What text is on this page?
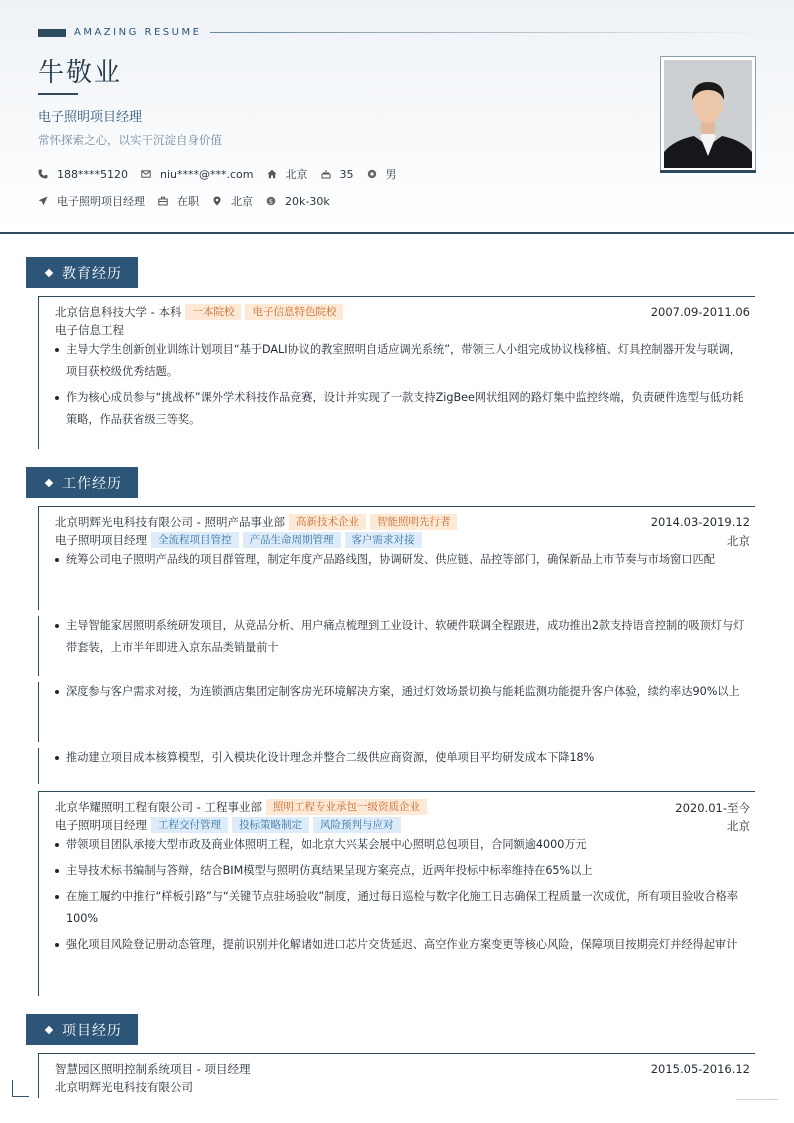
AMAZING RESUME
牛敬业
电子照明项目经理
常怀探索之心，以实干沉淀自身价值
188****5120	niu****@***.com	北京	35	男
电子照明项目经理	在职	北京 $ 20k-30k
教育经历
北京信息科技大学 - 本科	一本院校	电子信息特色院校	2007.09-2011.06
电子信息工程
主导大学生创新创业训练计划项目“基于DALI协议的教室照明自适应调光系统”，带领三人小组完成协议栈移植、灯具控制器开发与联调，项目获校级优秀结题。
作为核心成员参与“挑战杯”课外学术科技作品竞赛，设计并实现了一款支持ZigBee网状组网的路灯集中监控终端，负责硬件选型与低功耗策略，作品获省级三等奖。
工作经历
北京明辉光电科技有限公司 - 照明产品事业部	高新技术企业	智能照明先行者	2014.03-2019.12
电子照明项目经理	全流程项目管控	产品生命周期管理	客户需求对接	北京
统筹公司电子照明产品线的项目群管理，制定年度产品路线图，协调研发、供应链、品控等部门，确保新品上市节奏与市场窗口匹配
主导智能家居照明系统研发项目，从竞品分析、用户痛点梳理到工业设计、软硬件联调全程跟进，成功推出2款支持语音控制的吸顶灯与灯带套装，上市半年即进入京东品类销量前十
深度参与客户需求对接，为连锁酒店集团定制客房光环境解决方案，通过灯效场景切换与能耗监测功能提升客户体验，续约率达90%以上
推动建立项目成本核算模型，引入模块化设计理念并整合二级供应商资源，使单项目平均研发成本下降18%
北京华耀照明工程有限公司 - 工程事业部	照明工程专业承包一级资质企业	2020.01-至今
电子照明项目经理	工程交付管理	投标策略制定	风险预判与应对	北京
带领项目团队承接大型市政及商业体照明工程，如北京大兴某会展中心照明总包项目，合同额逾4000万元
主导技术标书编制与答辩，结合BIM模型与照明仿真结果呈现方案亮点，近两年投标中标率维持在65%以上
在施工履约中推行“样板引路”与“关键节点驻场验收”制度，通过每日巡检与数字化施工日志确保工程质量一次成优，所有项目验收合格率100%
强化项目风险登记册动态管理，提前识别并化解诸如进口芯片交货延迟、高空作业方案变更等核心风险，保障项目按期亮灯并经得起审计
项目经历
智慧园区照明控制系统项目 - 项目经理	2015.05-2016.12
北京明辉光电科技有限公司
